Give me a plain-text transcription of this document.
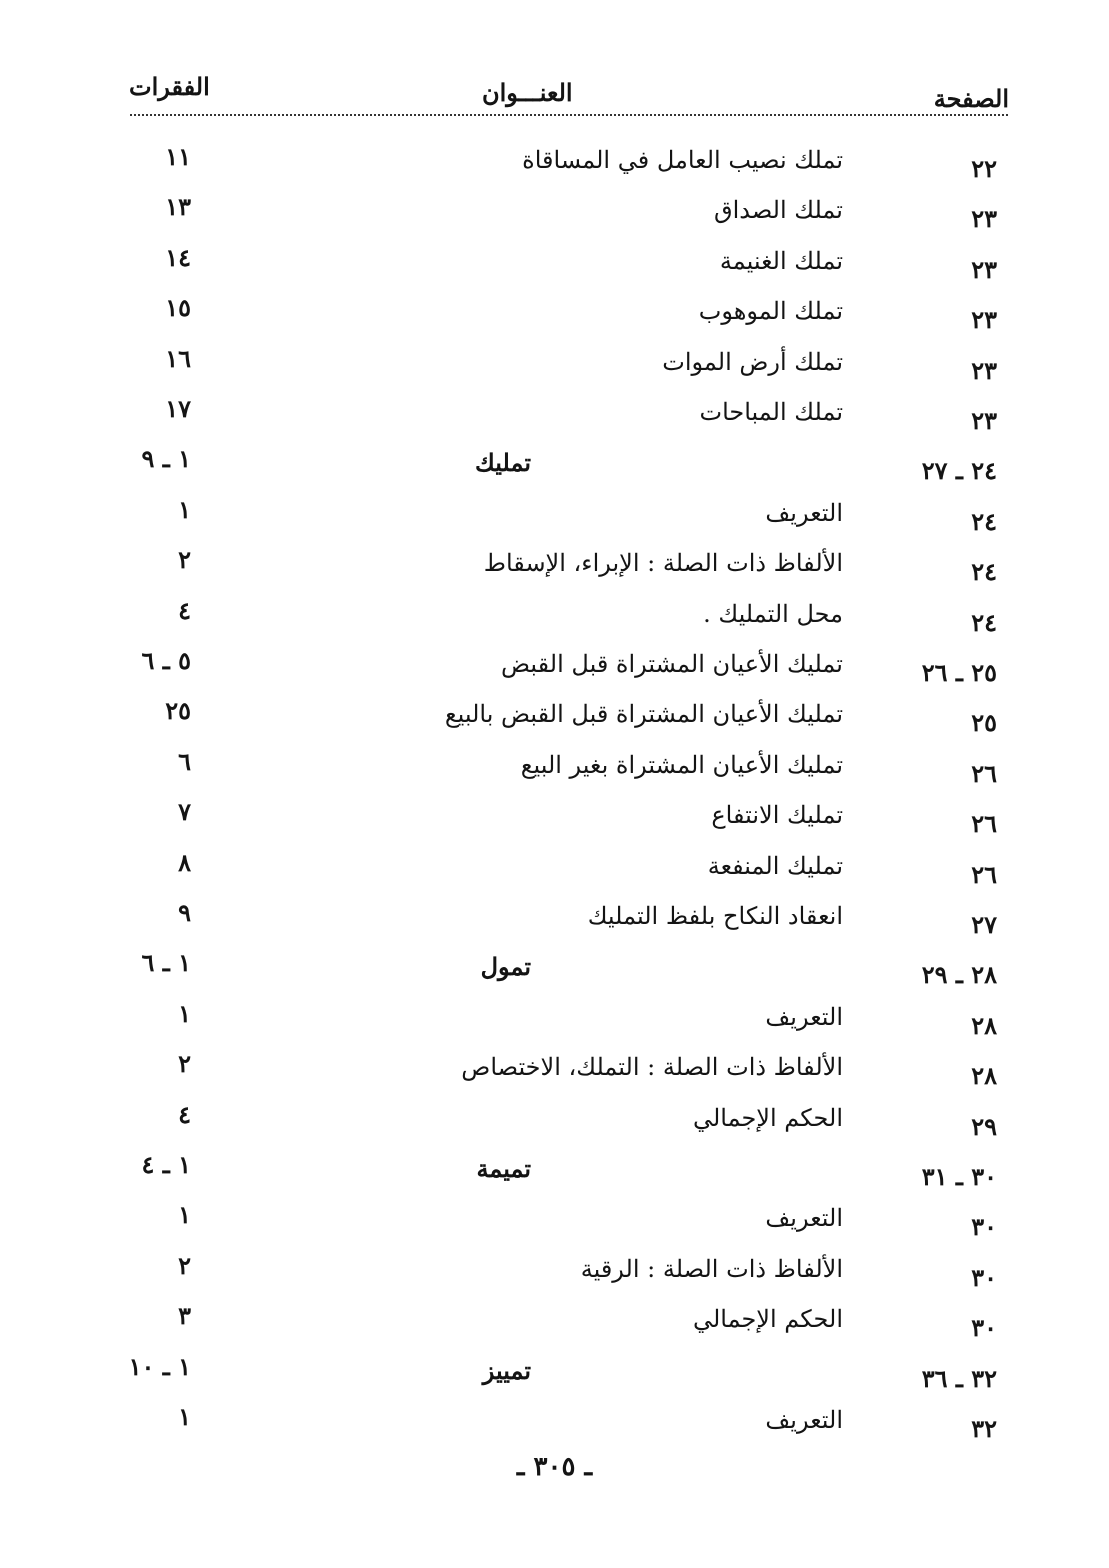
الصفحة
العنـــوان
الفقرات
٢٢
تملك نصيب العامل في المساقاة
١١
٢٣
تملك الصداق
١٣
٢٣
تملك الغنيمة
١٤
٢٣
تملك الموهوب
١٥
٢٣
تملك أرض الموات
١٦
٢٣
تملك المباحات
١٧
٢٤ ـ ٢٧
تمليك
١ ـ ٩
٢٤
التعريف
١
٢٤
الألفاظ ذات الصلة : الإبراء، الإسقاط
٢
٢٤
محل التمليك .
٤
٢٥ ـ ٢٦
تمليك الأعيان المشتراة قبل القبض
٥ ـ ٦
٢٥
تمليك الأعيان المشتراة قبل القبض بالبيع
٢٥
٢٦
تمليك الأعيان المشتراة بغير البيع
٦
٢٦
تمليك الانتفاع
٧
٢٦
تمليك المنفعة
٨
٢٧
انعقاد النكاح بلفظ التمليك
٩
٢٨ ـ ٢٩
تمول
١ ـ ٦
٢٨
التعريف
١
٢٨
الألفاظ ذات الصلة : التملك، الاختصاص
٢
٢٩
الحكم الإجمالي
٤
٣٠ ـ ٣١
تميمة
١ ـ ٤
٣٠
التعريف
١
٣٠
الألفاظ ذات الصلة : الرقية
٢
٣٠
الحكم الإجمالي
٣
٣٢ ـ ٣٦
تمييز
١ ـ ١٠
٣٢
التعريف
١
ـ ٣٠٥ ـ
